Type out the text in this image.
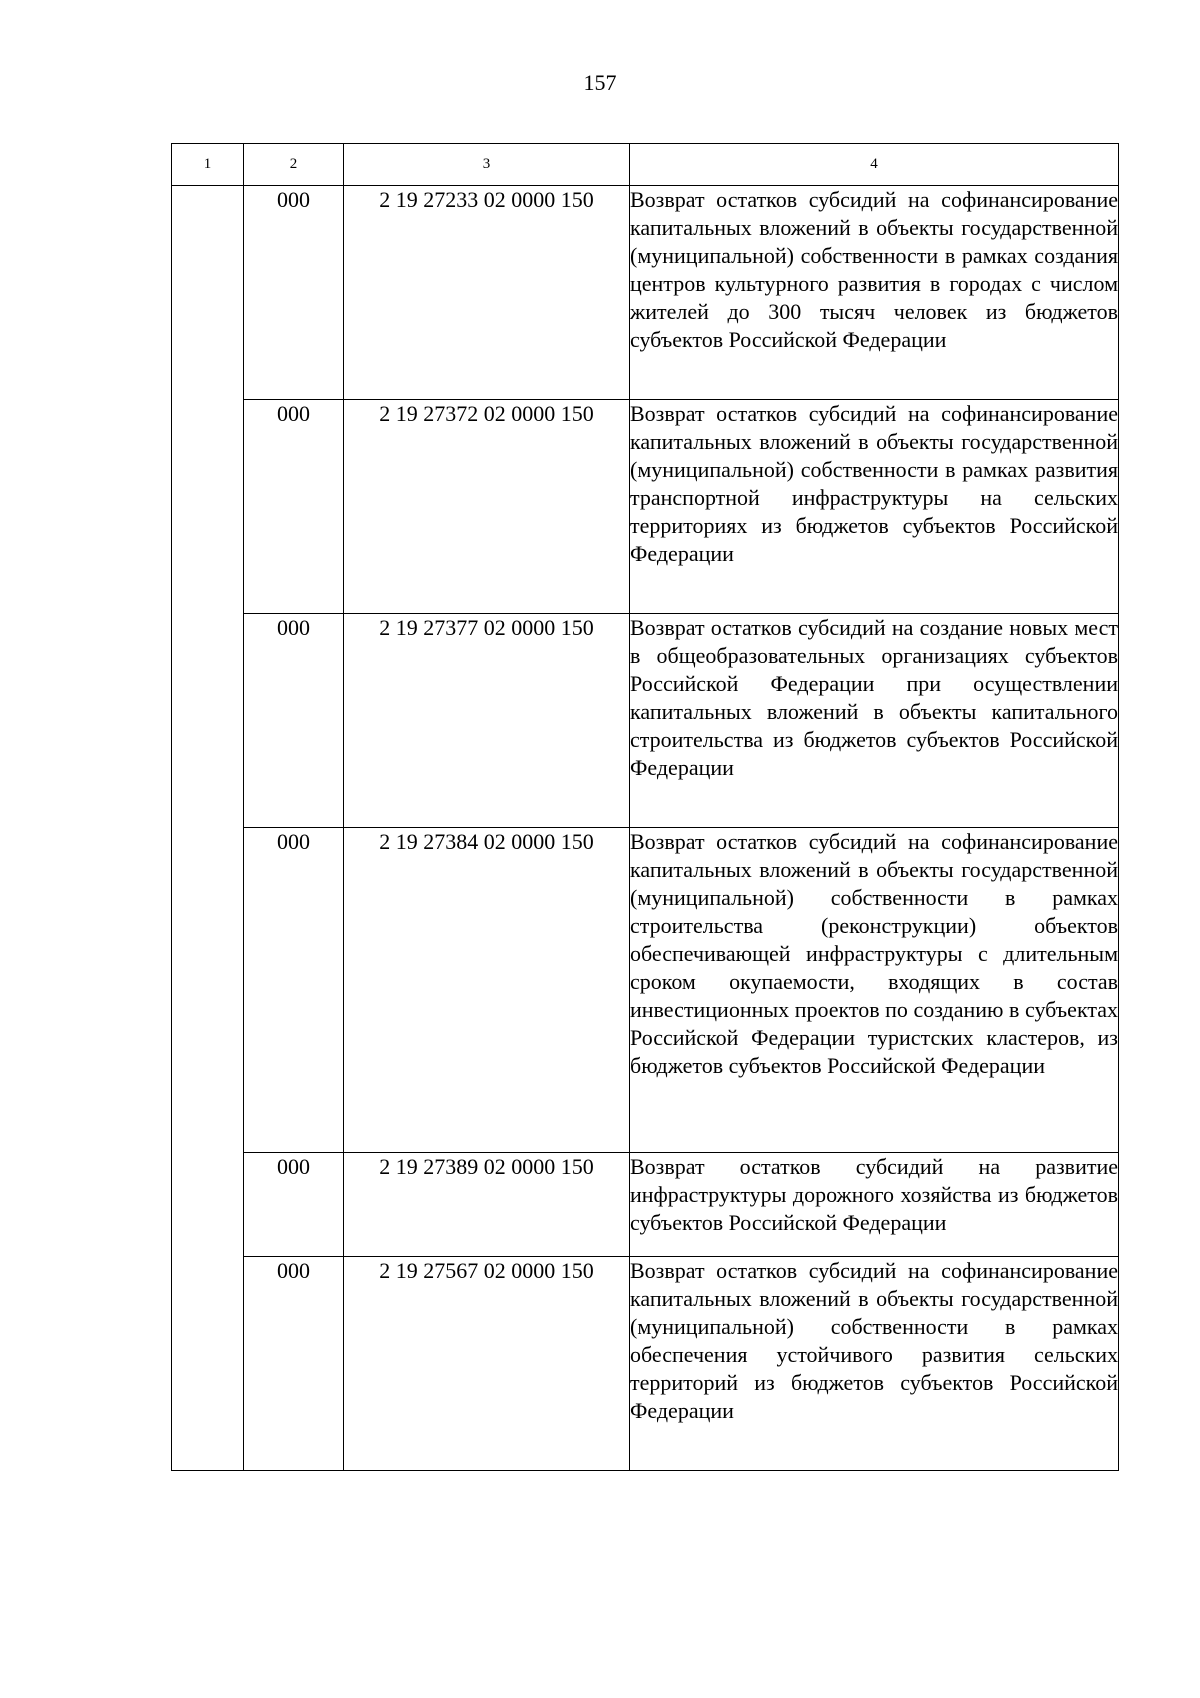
157
1	2	3	4
	000	2 19 27233 02 0000 150	Возврат остатков субсидий на софинансирование капитальных вложений в объекты государственной (муниципальной) собственности в рамках создания центров культурного развития в городах с числом жителей до 300 тысяч человек из бюджетов субъектов Российской Федерации
	000	2 19 27372 02 0000 150	Возврат остатков субсидий на софинансирование капитальных вложений в объекты государственной (муниципальной) собственности в рамках развития транспортной инфраструктуры на сельских территориях из бюджетов субъектов Российской Федерации
	000	2 19 27377 02 0000 150	Возврат остатков субсидий на создание новых мест в общеобразовательных организациях субъектов Российской Федерации при осуществлении капитальных вложений в объекты капитального строительства из бюджетов субъектов Российской Федерации
	000	2 19 27384 02 0000 150	Возврат остатков субсидий на софинансирование капитальных вложений в объекты государственной (муниципальной) собственности в рамках строительства (реконструкции) объектов обеспечивающей инфраструктуры с длительным сроком окупаемости, входящих в состав инвестиционных проектов по созданию в субъектах Российской Федерации туристских кластеров, из бюджетов субъектов Российской Федерации
	000	2 19 27389 02 0000 150	Возврат остатков субсидий на развитие инфраструктуры дорожного хозяйства из бюджетов субъектов Российской Федерации
	000	2 19 27567 02 0000 150	Возврат остатков субсидий на софинансирование капитальных вложений в объекты государственной (муниципальной) собственности в рамках обеспечения устойчивого развития сельских территорий из бюджетов субъектов Российской Федерации
